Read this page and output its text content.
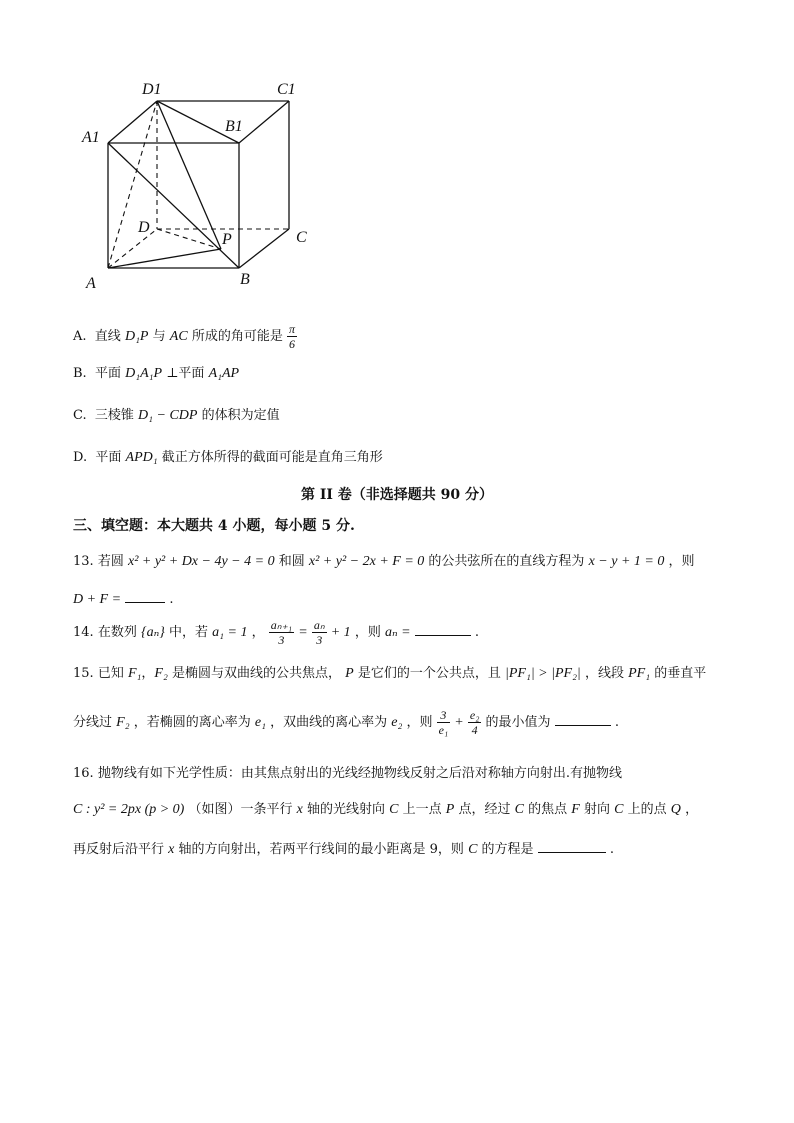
D1	C1
A1
B1
D
P	C
A	B
A. 直线 D₁P 与 AC 所成的角可能是 $\frac{\pi}{6}$
B. 平面 D₁A₁P ⊥平面 A₁AP
C. 三棱锥 D₁ − CDP 的体积为定值
D. 平面 APD₁ 截正方体所得的截面可能是直角三角形
第 II 卷（非选择题共 90 分）
三、填空题：本大题共 4 小题，每小题 5 分.
13. 若圆 x² + y² + Dx − 4y − 4 = 0 和圆 x² + y² − 2x + F = 0 的公共弦所在的直线方程为 x − y + 1 = 0 ，则
D + F =	.
14. 在数列 {aₙ} 中，若 a₁ = 1 ， $\frac{\text{aₙ₊₁}}{3} = \frac{\text{aₙ}}{3} + 1$ ，则 aₙ =	.
15. 已知 F₁，F₂ 是椭圆与双曲线的公共焦点， P 是它们的一个公共点，且 |PF₁| > |PF₂| ，线段 PF₁ 的垂直平
分线过 F₂ ，若椭圆的离心率为 e₁ ，双曲线的离心率为 e₂ ，则 $\frac{3}{\text{e₁}} + \frac{\text{e₂}}{4}$ 的最小值为	.
16. 抛物线有如下光学性质：由其焦点射出的光线经抛物线反射之后沿对称轴方向射出.有抛物线
C : y² = 2px (p > 0) （如图）一条平行 x 轴的光线射向 C 上一点 P 点，经过 C 的焦点 F 射向 C 上的点 Q ，
再反射后沿平行 x 轴的方向射出，若两平行线间的最小距离是 9，则 C 的方程是	.
